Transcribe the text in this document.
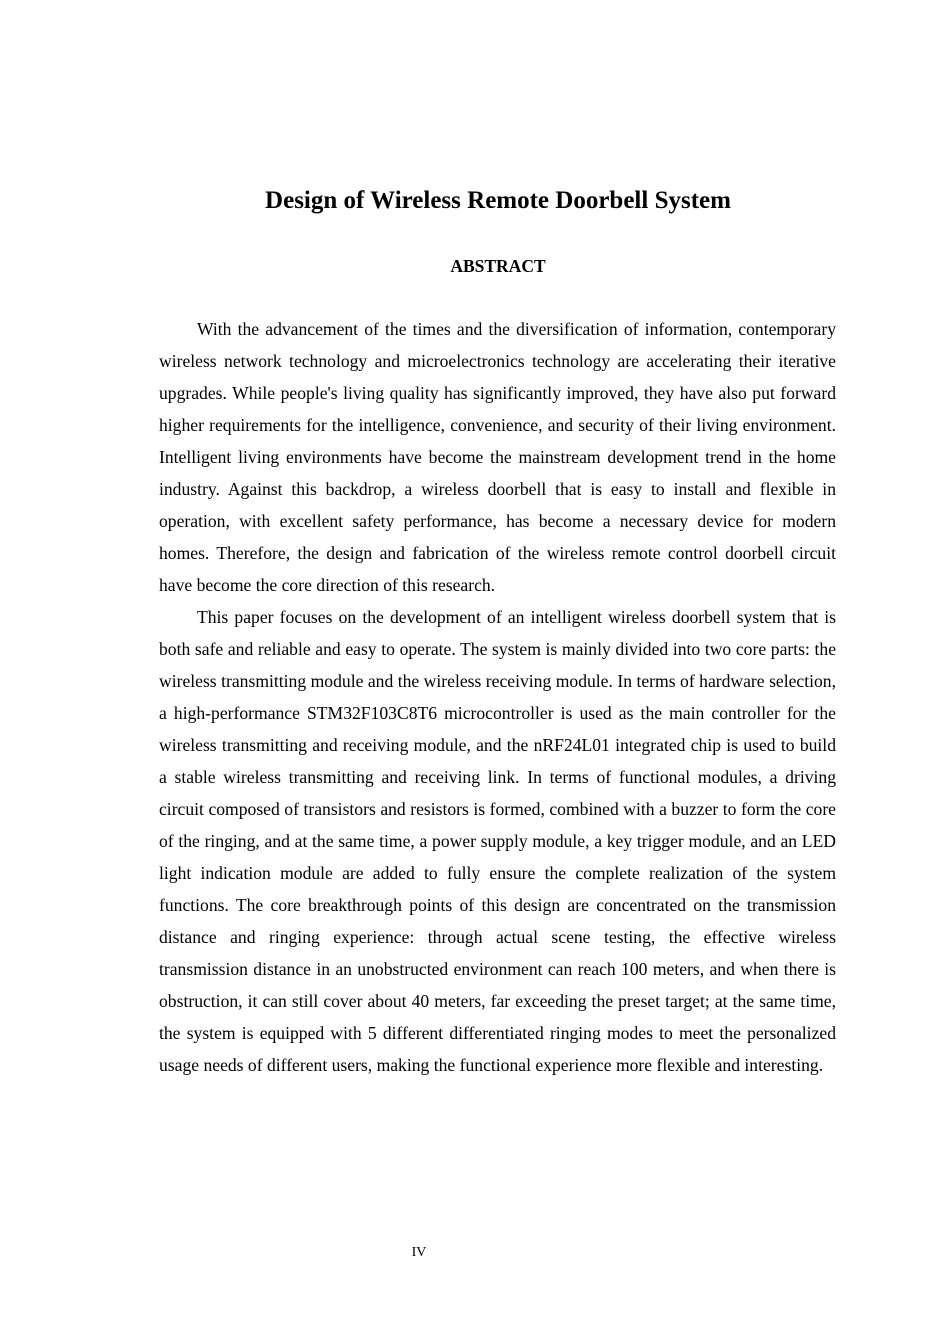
Design of Wireless Remote Doorbell System
ABSTRACT

With the advancement of the times and the diversification of information, contemporary wireless network technology and microelectronics technology are accelerating their iterative upgrades. While people's living quality has significantly improved, they have also put forward higher requirements for the intelligence, convenience, and security of their living environment. Intelligent living environments have become the mainstream development trend in the home industry. Against this backdrop, a wireless doorbell that is easy to install and flexible in operation, with excellent safety performance, has become a necessary device for modern homes. Therefore, the design and fabrication of the wireless remote control doorbell circuit have become the core direction of this research.

This paper focuses on the development of an intelligent wireless doorbell system that is both safe and reliable and easy to operate. The system is mainly divided into two core parts: the wireless transmitting module and the wireless receiving module. In terms of hardware selection, a high-performance STM32F103C8T6 microcontroller is used as the main controller for the wireless transmitting and receiving module, and the nRF24L01 integrated chip is used to build a stable wireless transmitting and receiving link. In terms of functional modules, a driving circuit composed of transistors and resistors is formed, combined with a buzzer to form the core of the ringing, and at the same time, a power supply module, a key trigger module, and an LED light indication module are added to fully ensure the complete realization of the system functions. The core breakthrough points of this design are concentrated on the transmission distance and ringing experience: through actual scene testing, the effective wireless transmission distance in an unobstructed environment can reach 100 meters, and when there is obstruction, it can still cover about 40 meters, far exceeding the preset target; at the same time, the system is equipped with 5 different differentiated ringing modes to meet the personalized usage needs of different users, making the functional experience more flexible and interesting.

IV
